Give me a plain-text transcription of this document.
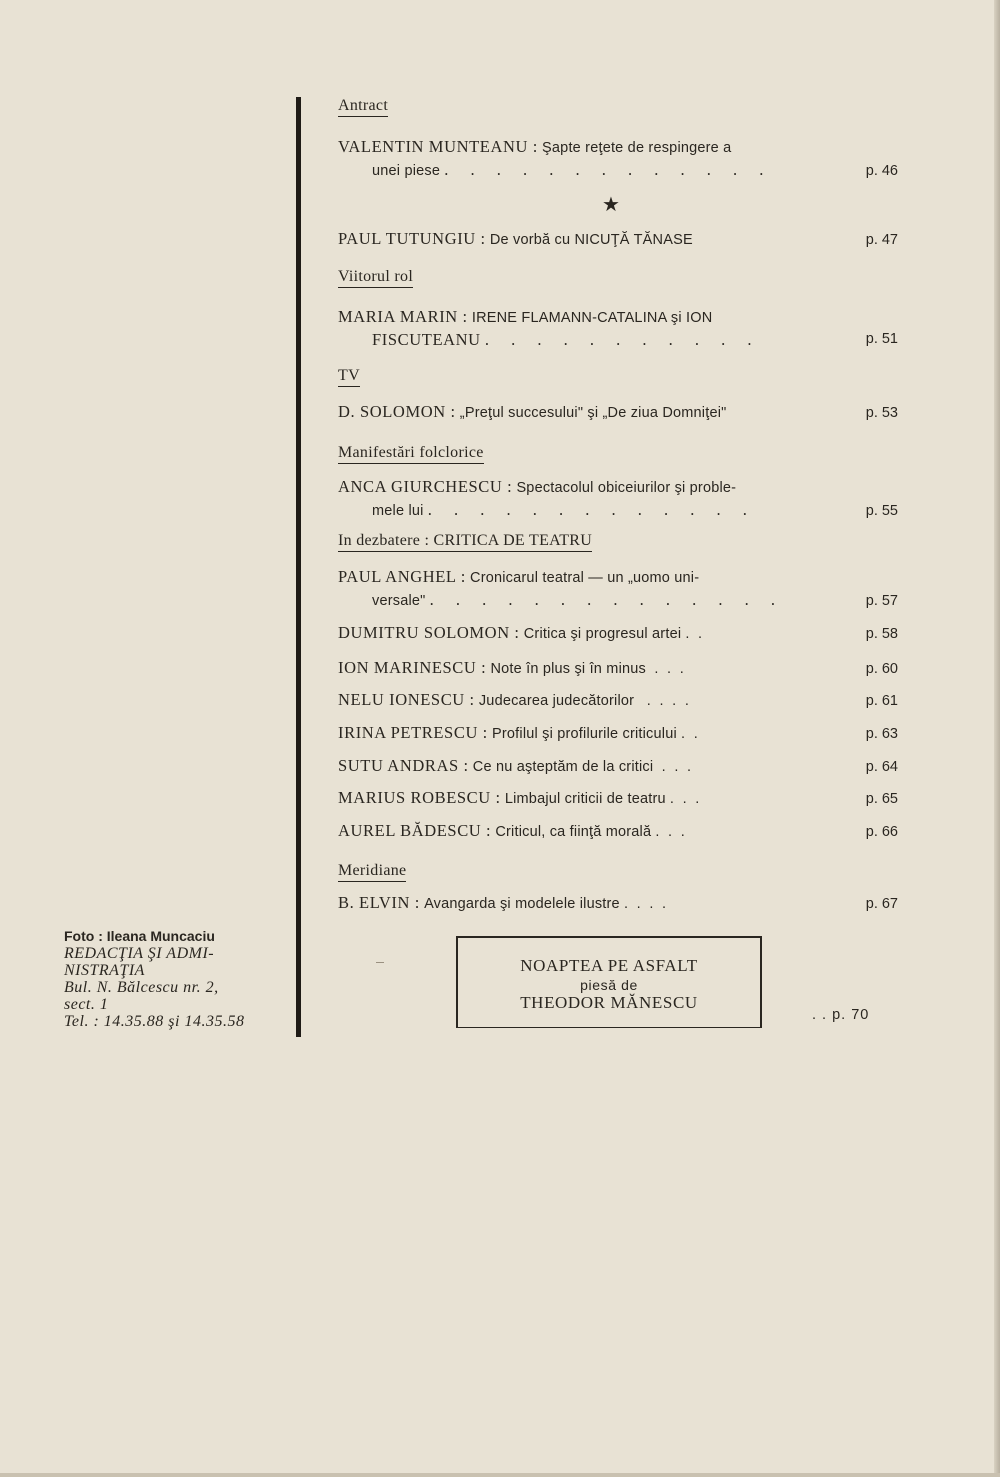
Antract
VALENTIN MUNTEANU : Şapte reţete de respingere a
unei piese . . . . . . . . . . . . .	p. 46
★
PAUL TUTUNGIU : De vorbă cu NICUŢĂ TĂNASE	p. 47
Viitorul rol
MARIA MARIN : IRENE FLAMANN-CATALINA şi ION
FISCUTEANU . . . . . . . . . . .	p. 51
TV
D. SOLOMON : „Preţul succesului" şi „De ziua Domniţei"	p. 53
Manifestări folclorice
ANCA GIURCHESCU : Spectacolul obiceiurilor şi proble-
mele lui . . . . . . . . . . . . .	p. 55
In dezbatere : CRITICA DE TEATRU
PAUL ANGHEL : Cronicarul teatral — un „uomo uni-
versale" . . . . . . . . . . . . . .	p. 57
DUMITRU SOLOMON : Critica şi progresul artei .  .	p. 58
ION MARINESCU : Note în plus şi în minus  .  .  .	p. 60
NELU IONESCU : Judecarea judecătorilor   .  .  .  .	p. 61
IRINA PETRESCU : Profilul şi profilurile criticului .  .	p. 63
SUTU ANDRAS : Ce nu aşteptăm de la critici  .  .  .	p. 64
MARIUS ROBESCU : Limbajul criticii de teatru .  .  .	p. 65
AUREL BĂDESCU : Criticul, ca fiinţă morală .  .  .	p. 66
Meridiane
B. ELVIN : Avangarda şi modelele ilustre .  .  .  .	p. 67
NOAPTEA PE ASFALT
piesă de
THEODOR MĂNESCU
. . p. 70
Foto : Ileana Muncaciu
REDACŢIA ŞI ADMI-
NISTRAŢIA
Bul. N. Bălcescu nr. 2,
sect. 1
Tel. : 14.35.88 şi 14.35.58
